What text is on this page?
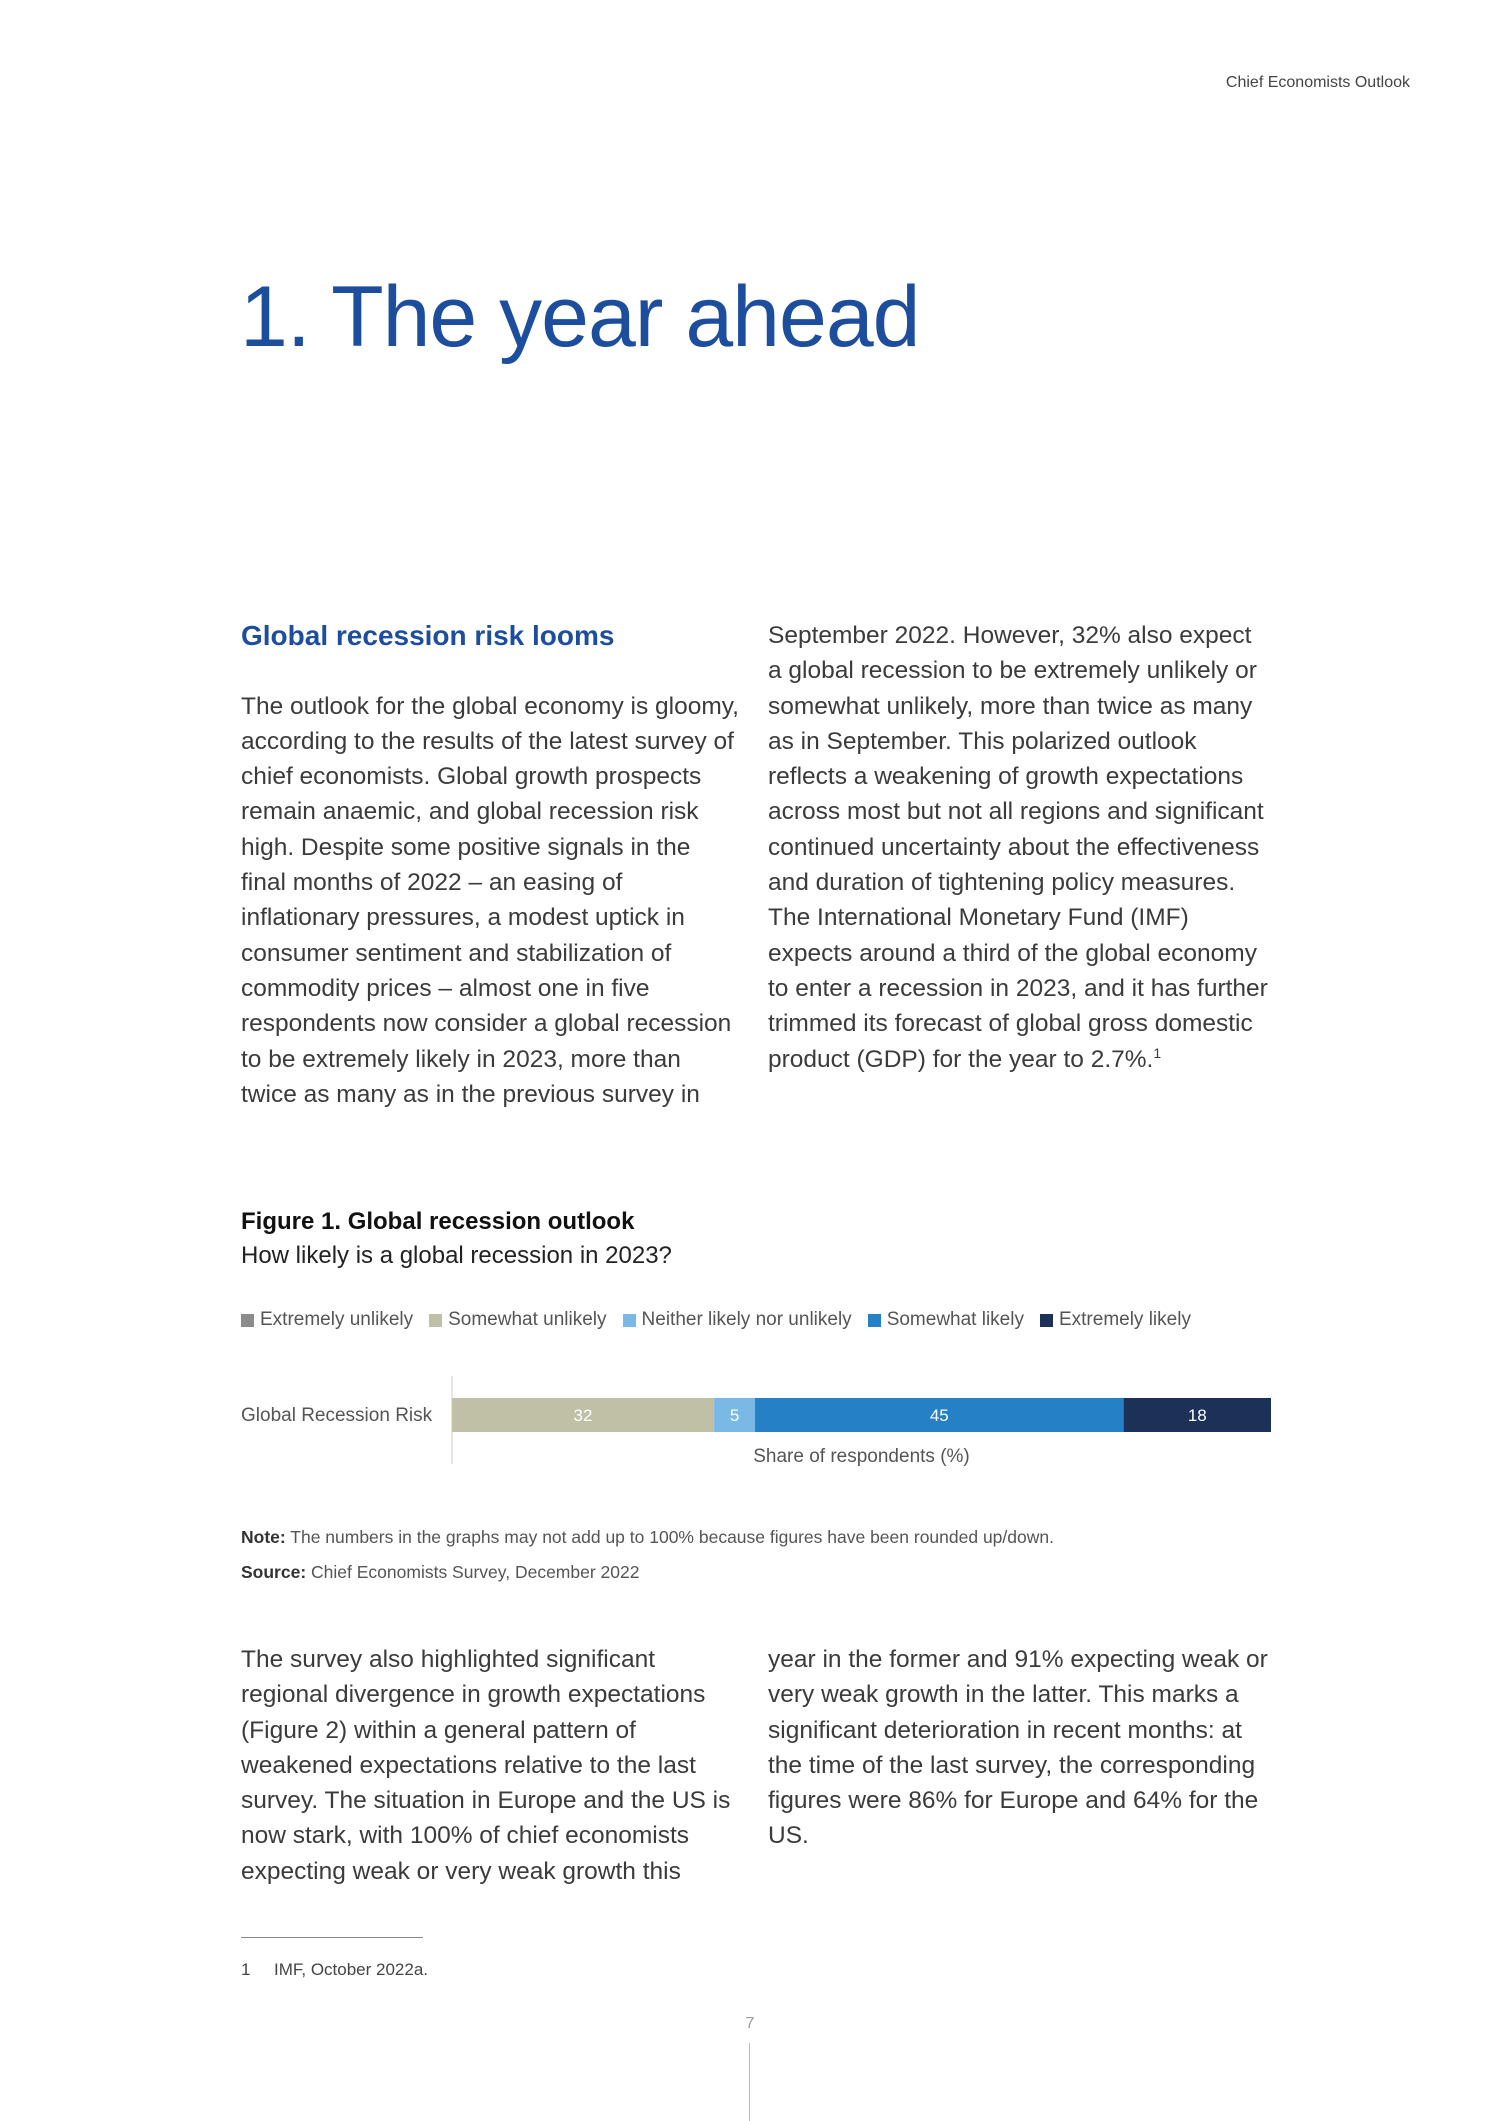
Chief Economists Outlook
1. The year ahead
Global recession risk looms

The outlook for the global economy is gloomy, according to the results of the latest survey of chief economists. Global growth prospects remain anaemic, and global recession risk high. Despite some positive signals in the final months of 2022 – an easing of inflationary pressures, a modest uptick in consumer sentiment and stabilization of commodity prices – almost one in five respondents now consider a global recession to be extremely likely in 2023, more than twice as many as in the previous survey in

September 2022. However, 32% also expect a global recession to be extremely unlikely or somewhat unlikely, more than twice as many as in September. This polarized outlook reflects a weakening of growth expectations across most but not all regions and significant continued uncertainty about the effectiveness and duration of tightening policy measures. The International Monetary Fund (IMF) expects around a third of the global economy to enter a recession in 2023, and it has further trimmed its forecast of global gross domestic product (GDP) for the year to 2.7%.$^1$

Figure 1. Global recession outlook
How likely is a global recession in 2023?
Extremely unlikely Somewhat unlikely Neither likely nor unlikely Somewhat likely Extremely likely
Global Recession Risk	32	5	45	18
Share of respondents (%)
Note: The numbers in the graphs may not add up to 100% because figures have been rounded up/down.
Source: Chief Economists Survey, December 2022

The survey also highlighted significant regional divergence in growth expectations (Figure 2) within a general pattern of weakened expectations relative to the last survey. The situation in Europe and the US is now stark, with 100% of chief economists expecting weak or very weak growth this

year in the former and 91% expecting weak or very weak growth in the latter. This marks a significant deterioration in recent months: at the time of the last survey, the corresponding figures were 86% for Europe and 64% for the US.

1 IMF, October 2022a.
7
